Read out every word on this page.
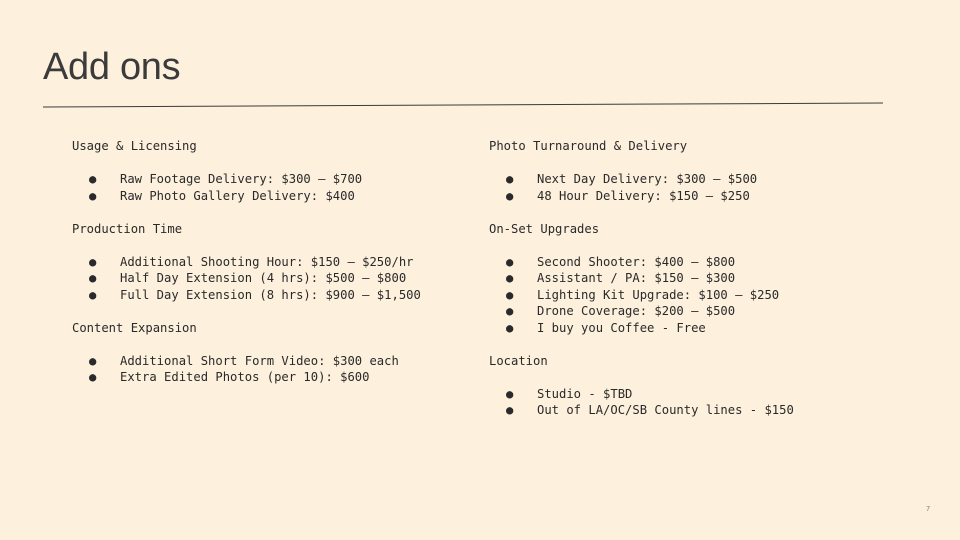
Add ons
Usage & Licensing
● Raw Footage Delivery: $300 – $700
● Raw Photo Gallery Delivery: $400
Production Time
● Additional Shooting Hour: $150 – $250/hr
● Half Day Extension (4 hrs): $500 – $800
● Full Day Extension (8 hrs): $900 – $1,500
Content Expansion
● Additional Short Form Video: $300 each
● Extra Edited Photos (per 10): $600
Photo Turnaround & Delivery
● Next Day Delivery: $300 – $500
● 48 Hour Delivery: $150 – $250
On-Set Upgrades
● Second Shooter: $400 – $800
● Assistant / PA: $150 – $300
● Lighting Kit Upgrade: $100 – $250
● Drone Coverage: $200 – $500
● I buy you Coffee - Free
Location
● Studio - $TBD
● Out of LA/OC/SB County lines - $150
7
